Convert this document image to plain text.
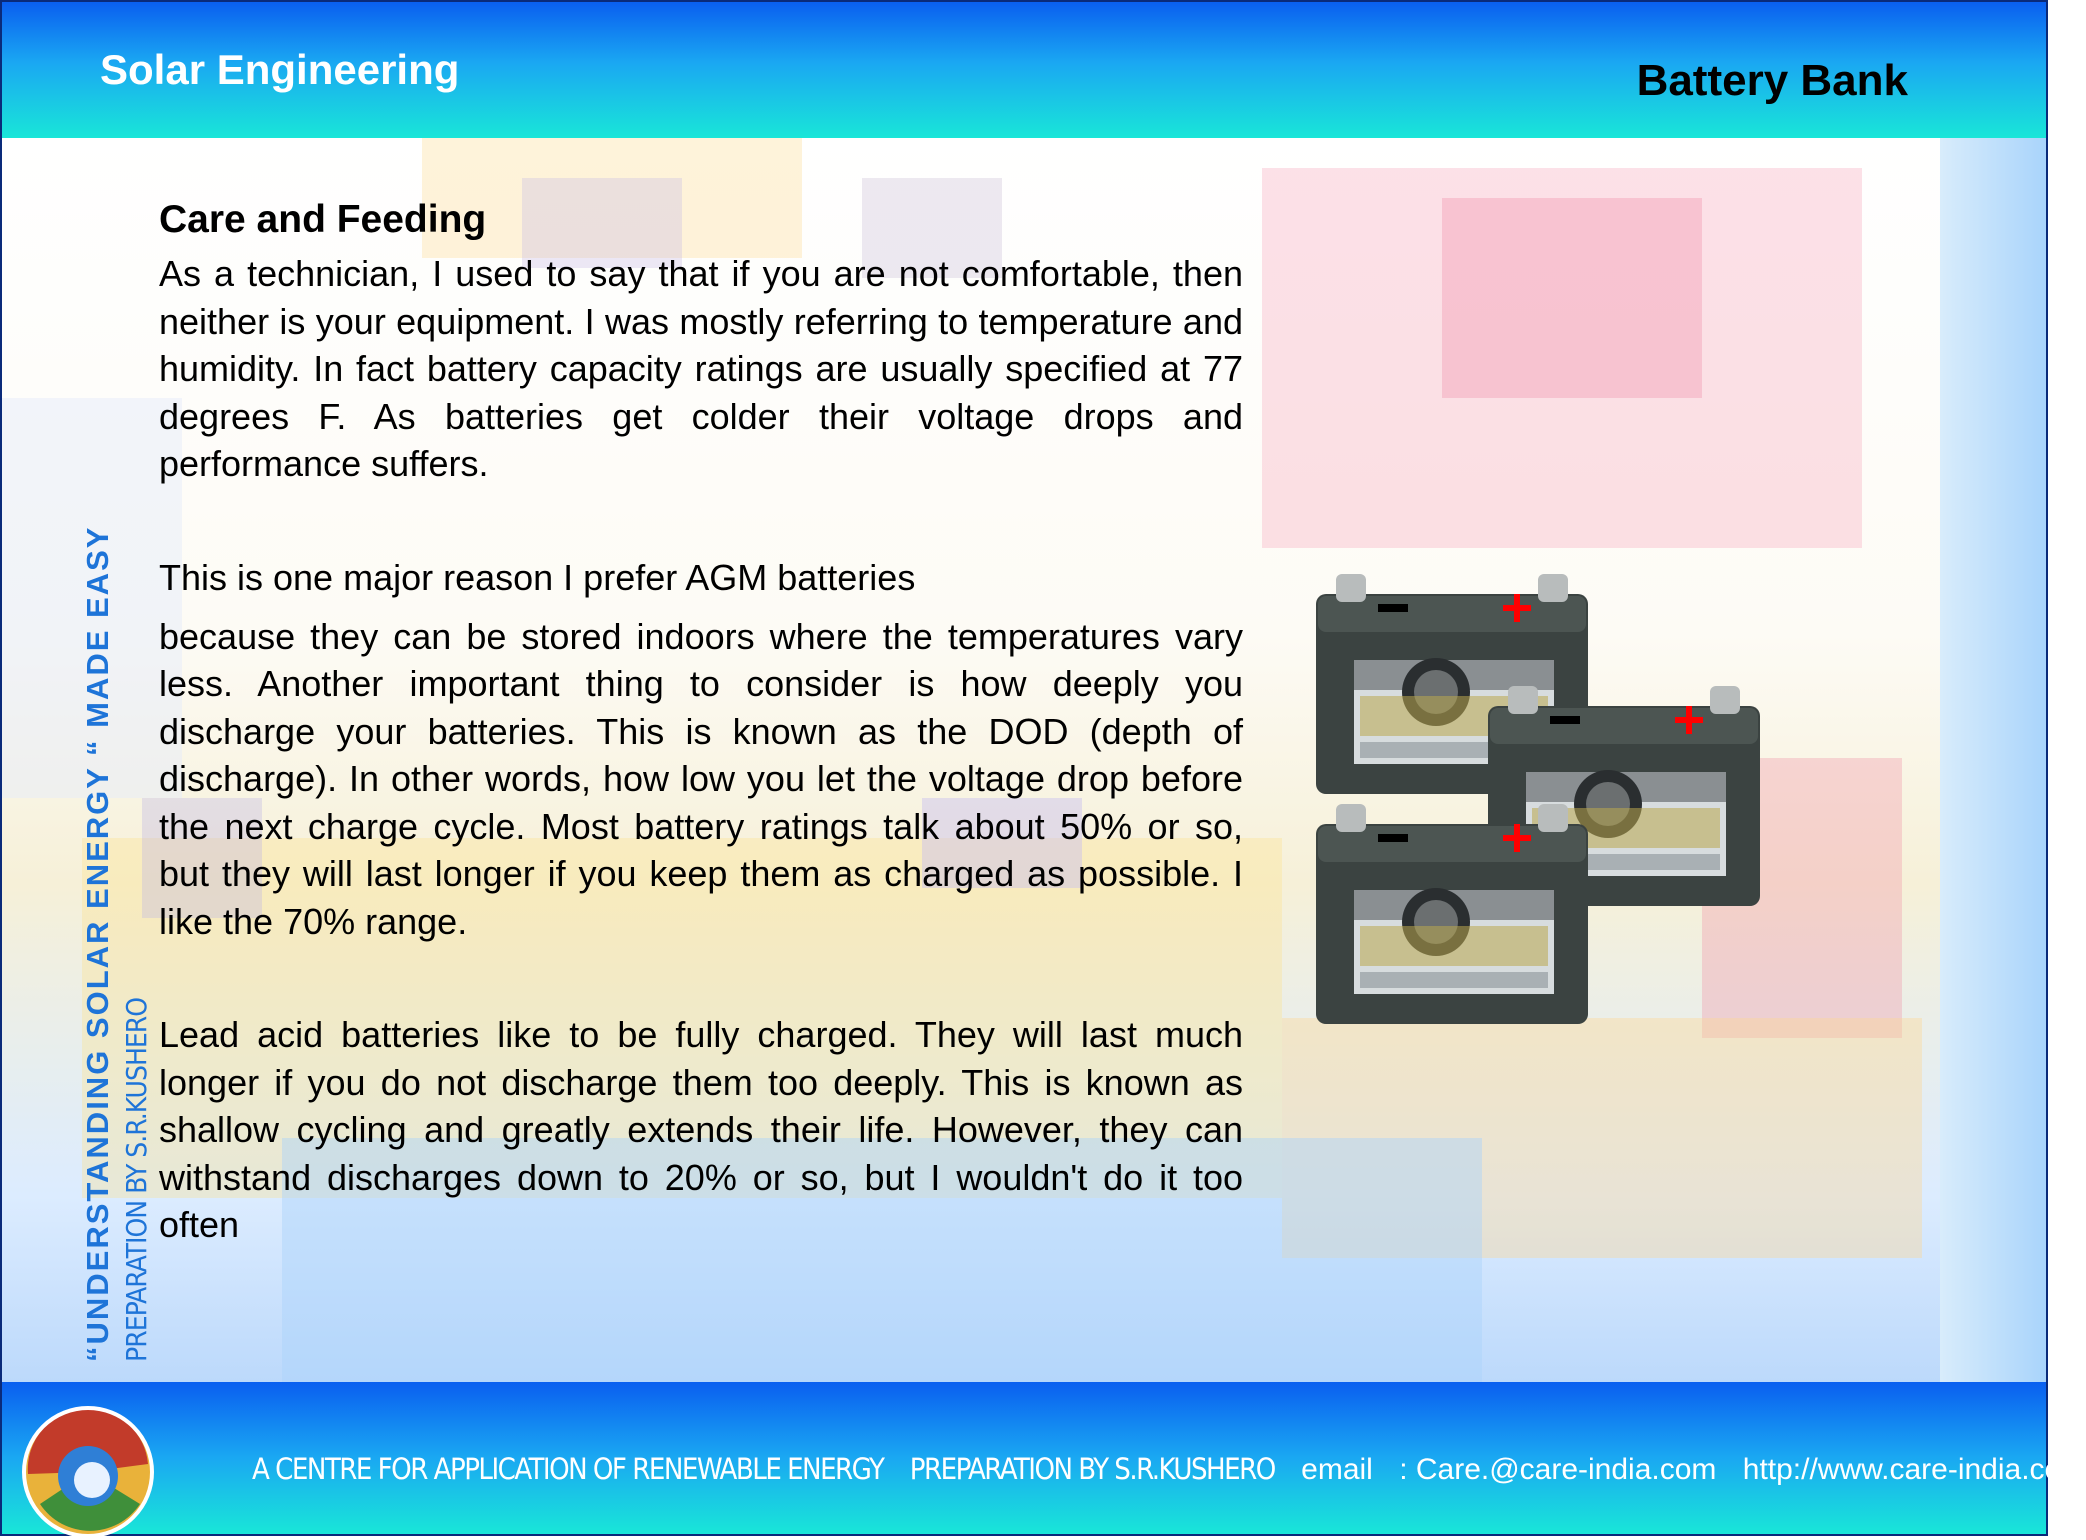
Solar Engineering	Battery Bank
“UNDERSTANDING SOLAR ENERGY “ MADE EASY PREPARATION BY S.R.KUSHERO
Care and Feeding

As a technician, I used to say that if you are not comfortable, then neither is your equipment. I was mostly referring to temperature and humidity. In fact battery capacity ratings are usually specified at 77 degrees F. As batteries get colder their voltage drops and performance suffers.

This is one major reason I prefer AGM batteries

because they can be stored indoors where the temperatures vary less. Another important thing to consider is how deeply you discharge your batteries. This is known as the DOD (depth of discharge). In other words, how low you let the voltage drop before the next charge cycle. Most battery ratings talk about 50% or so, but they will last longer if you keep them as charged as possible. I like the 70% range.

Lead acid batteries like to be fully charged. They will last much longer if you do not discharge them too deeply. This is known as shallow cycling and greatly extends their life. However, they can withstand discharges down to 20% or so, but I wouldn't do it too often

A CENTRE FOR APPLICATION OF RENEWABLE ENERGY PREPARATION BY S.R.KUSHERO email : Care.@care-india.com http://www.care-india.com
